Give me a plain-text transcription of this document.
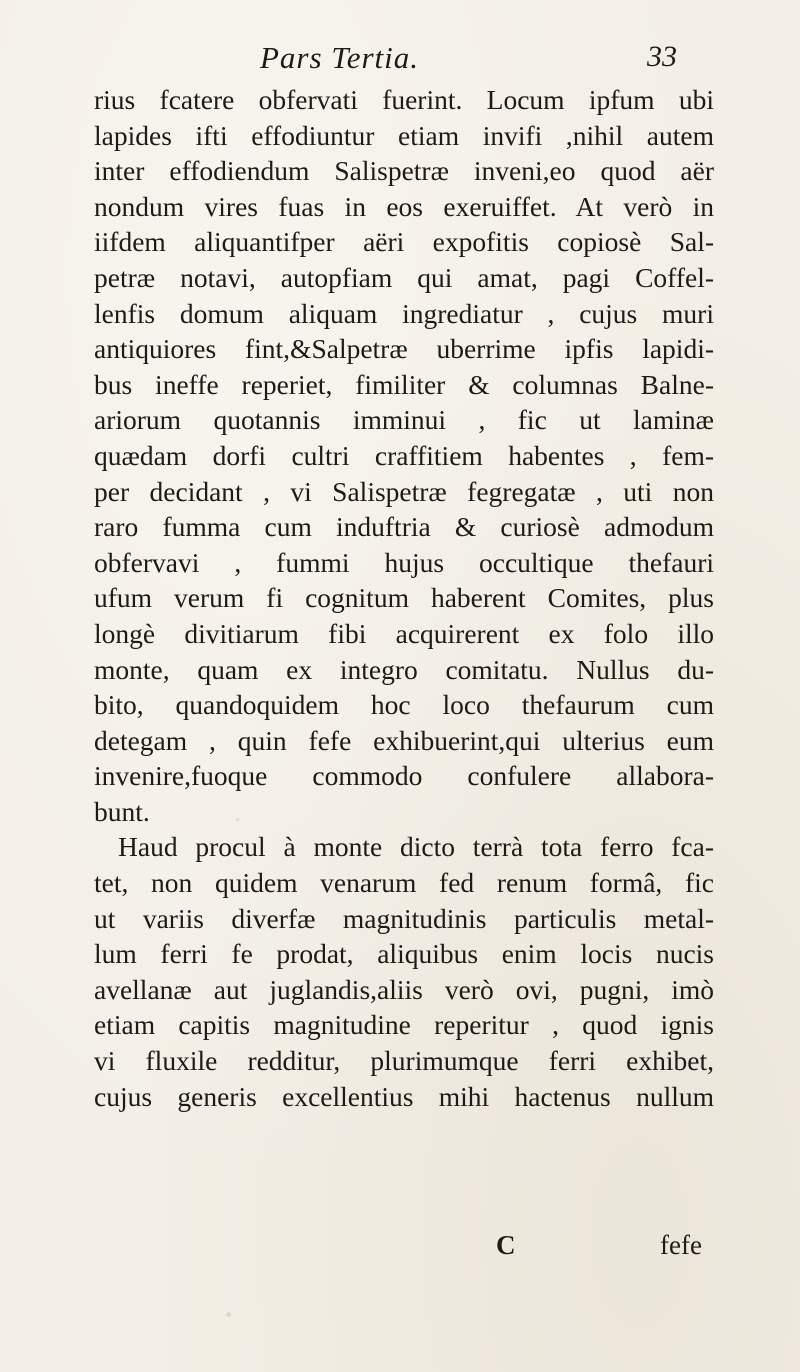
Pars Tertia.	33
rius fcatere obfervati fuerint. Locum ipfum ubi
lapides ifti effodiuntur etiam invifi ,nihil autem
inter effodiendum Salispetræ inveni,eo quod aër
nondum vires fuas in eos exeruiffet. At verò in
iifdem aliquantifper aëri expofitis copiosè Sal-
petræ notavi, autopfiam qui amat, pagi Coffel-
lenfis domum aliquam ingrediatur , cujus muri
antiquiores fint,&Salpetræ uberrime ipfis lapidi-
bus ineffe reperiet, fimiliter & columnas Balne-
ariorum quotannis imminui , fic ut laminæ
quædam dorfi cultri craffitiem habentes , fem-
per decidant , vi Salispetræ fegregatæ , uti non
raro fumma cum induftria & curiosè admodum
obfervavi , fummi hujus occultique thefauri
ufum verum fi cognitum haberent Comites, plus
longè divitiarum fibi acquirerent ex folo illo
monte, quam ex integro comitatu. Nullus du-
bito, quandoquidem hoc loco thefaurum cum
detegam , quin fefe exhibuerint,qui ulterius eum
invenire,fuoque commodo confulere allabora-
bunt.
Haud procul à monte dicto terrà tota ferro fca-
tet, non quidem venarum fed renum formâ, fic
ut variis diverfæ magnitudinis particulis metal-
lum ferri fe prodat, aliquibus enim locis nucis
avellanæ aut juglandis,aliis verò ovi, pugni, imò
etiam capitis magnitudine reperitur , quod ignis
vi fluxile redditur, plurimumque ferri exhibet,
cujus generis excellentius mihi hactenus nullum
C	fefe
